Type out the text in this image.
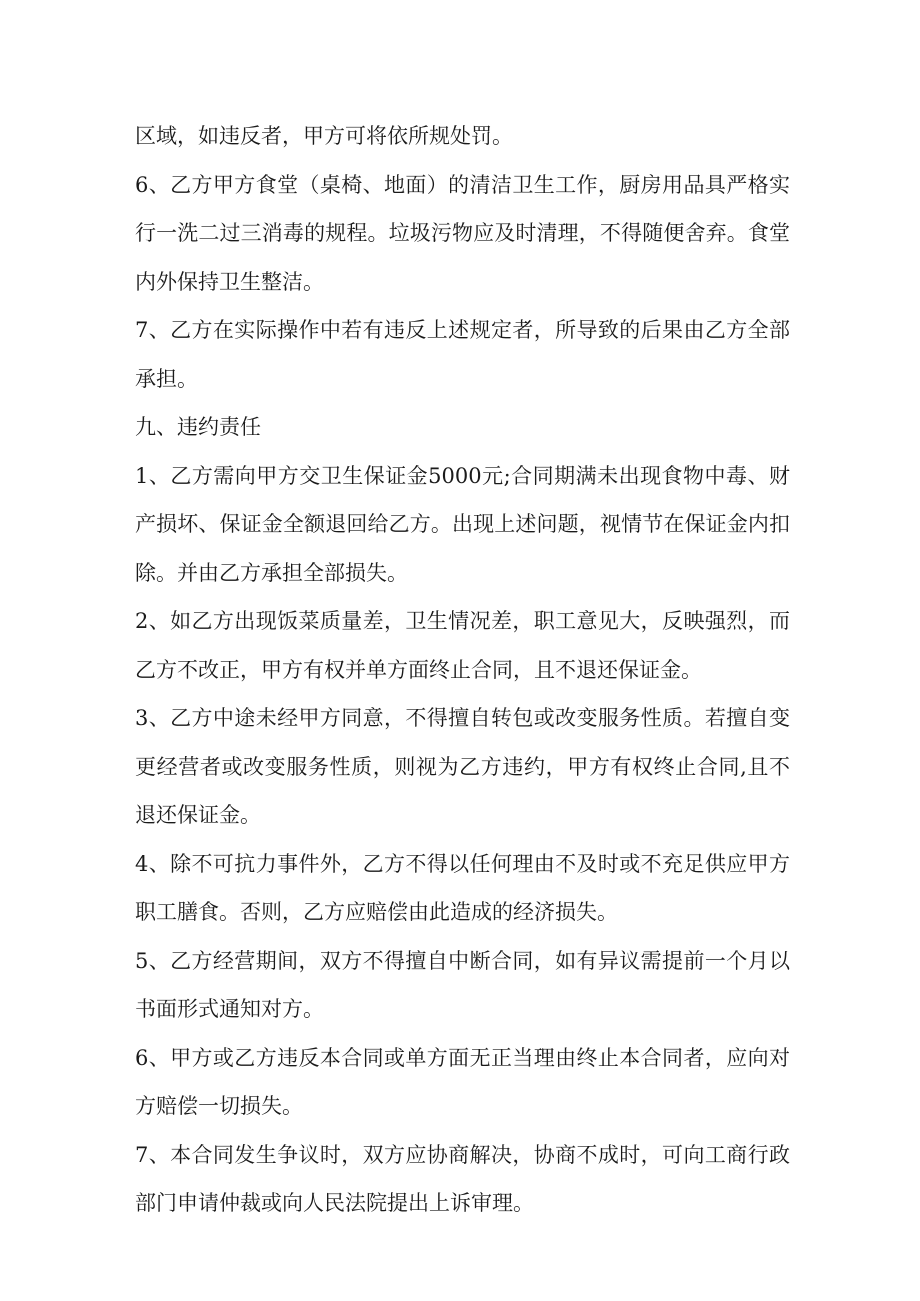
区域，如违反者，甲方可将依所规处罚。

6、乙方甲方食堂（桌椅、地面）的清洁卫生工作，厨房用品具严格实行一洗二过三消毒的规程。垃圾污物应及时清理，不得随便舍弃。食堂内外保持卫生整洁。

7、乙方在实际操作中若有违反上述规定者，所导致的后果由乙方全部承担。

九、违约责任

1、乙方需向甲方交卫生保证金5000元;合同期满未出现食物中毒、财产损坏、保证金全额退回给乙方。出现上述问题，视情节在保证金内扣除。并由乙方承担全部损失。

2、如乙方出现饭菜质量差，卫生情况差，职工意见大，反映强烈，而乙方不改正，甲方有权并单方面终止合同，且不退还保证金。

3、乙方中途未经甲方同意，不得擅自转包或改变服务性质。若擅自变更经营者或改变服务性质，则视为乙方违约，甲方有权终止合同,且不退还保证金。

4、除不可抗力事件外，乙方不得以任何理由不及时或不充足供应甲方职工膳食。否则，乙方应赔偿由此造成的经济损失。

5、乙方经营期间，双方不得擅自中断合同，如有异议需提前一个月以书面形式通知对方。

6、甲方或乙方违反本合同或单方面无正当理由终止本合同者，应向对方赔偿一切损失。

7、本合同发生争议时，双方应协商解决，协商不成时，可向工商行政部门申请仲裁或向人民法院提出上诉审理。
